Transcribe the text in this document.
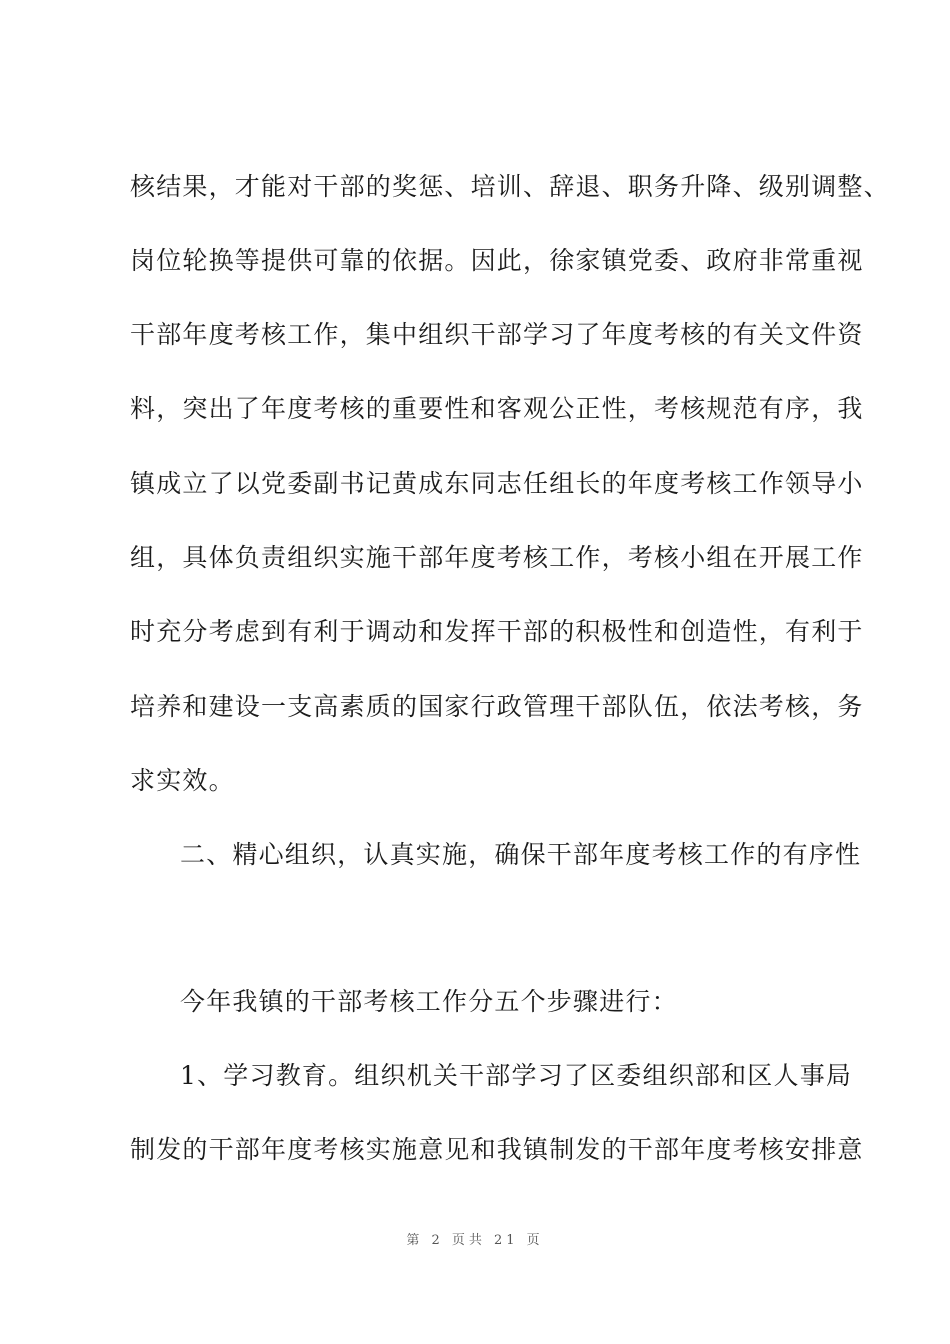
核结果，才能对干部的奖惩、培训、辞退、职务升降、级别调整、
岗位轮换等提供可靠的依据。因此，徐家镇党委、政府非常重视
干部年度考核工作，集中组织干部学习了年度考核的有关文件资
料，突出了年度考核的重要性和客观公正性，考核规范有序，我
镇成立了以党委副书记黄成东同志任组长的年度考核工作领导小
组，具体负责组织实施干部年度考核工作，考核小组在开展工作
时充分考虑到有利于调动和发挥干部的积极性和创造性，有利于
培养和建设一支高素质的国家行政管理干部队伍，依法考核，务
求实效。
二、精心组织，认真实施，确保干部年度考核工作的有序性
今年我镇的干部考核工作分五个步骤进行：
1、学习教育。组织机关干部学习了区委组织部和区人事局
制发的干部年度考核实施意见和我镇制发的干部年度考核安排意
第 2 页共 21 页
